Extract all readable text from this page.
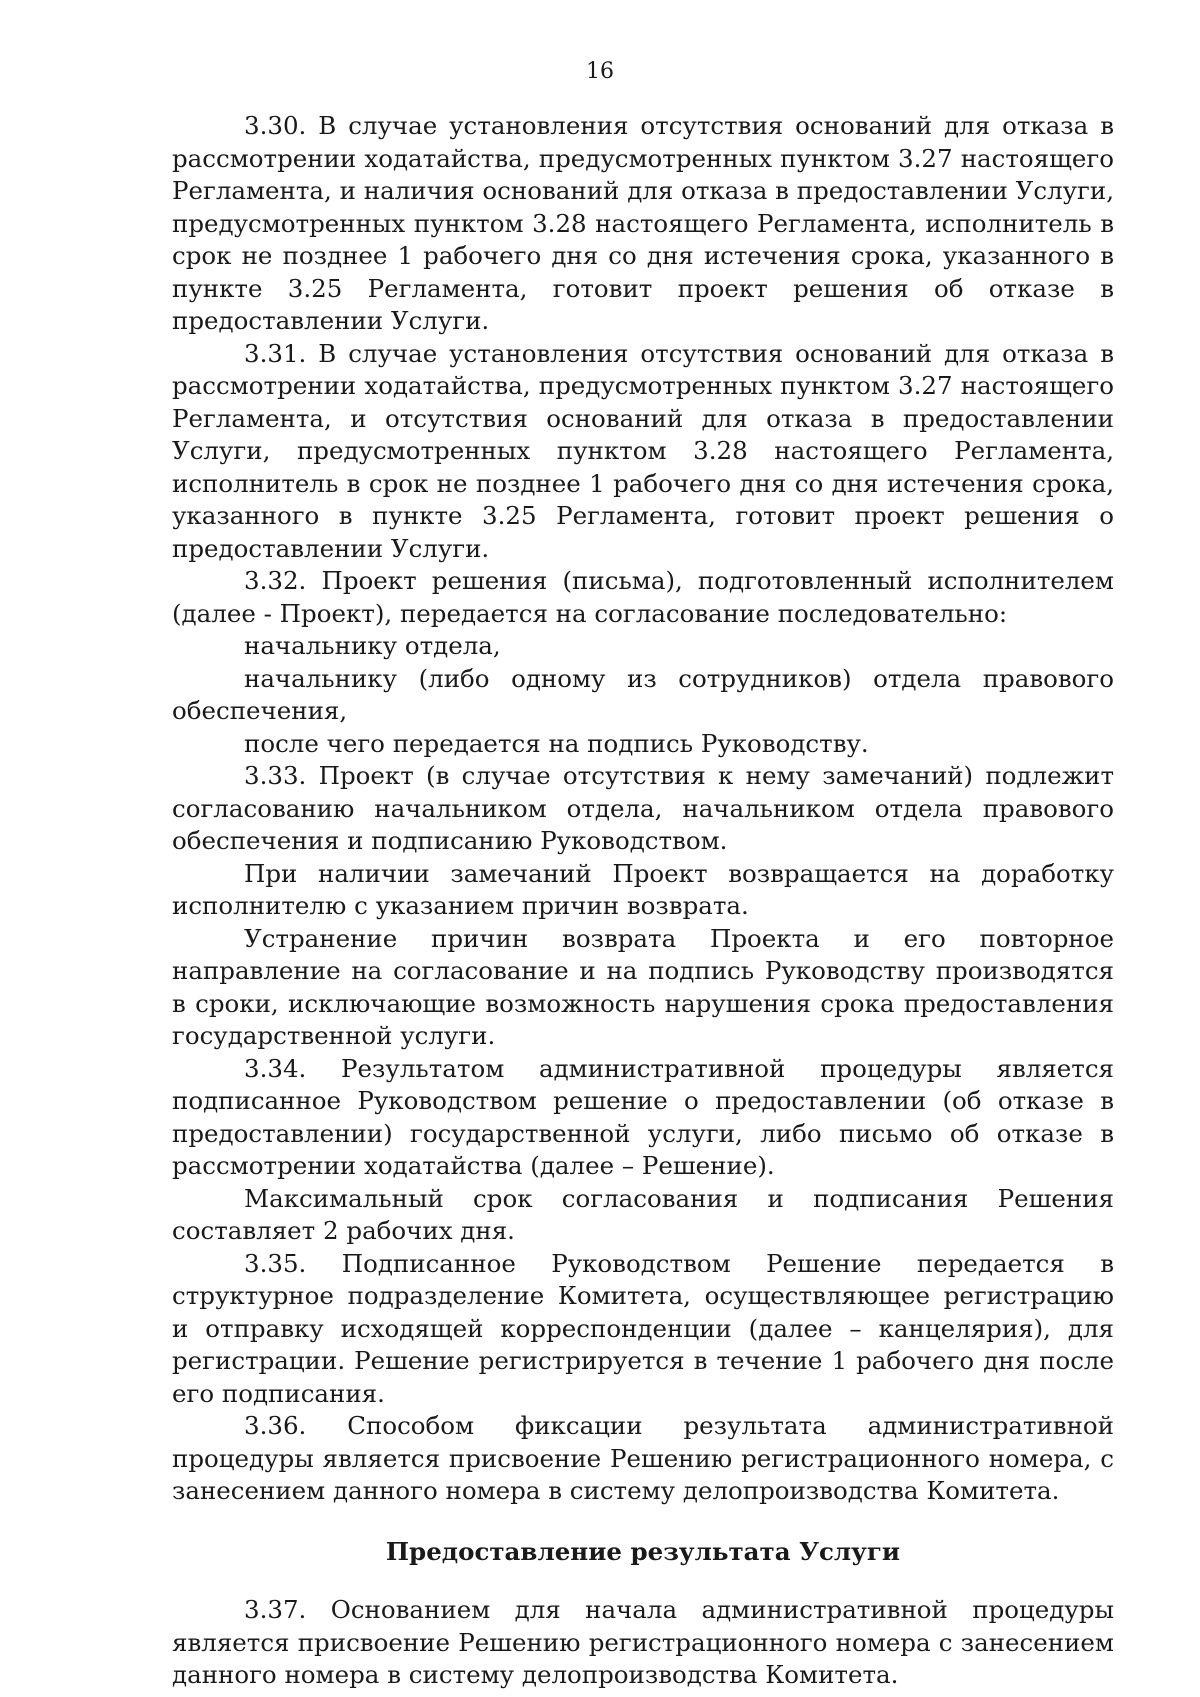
16

3.30. В случае установления отсутствия оснований для отказа в рассмотрении ходатайства, предусмотренных пунктом 3.27 настоящего Регламента, и наличия оснований для отказа в предоставлении Услуги, предусмотренных пунктом 3.28 настоящего Регламента, исполнитель в срок не позднее 1 рабочего дня со дня истечения срока, указанного в пункте 3.25 Регламента, готовит проект решения об отказе в предоставлении Услуги.

3.31. В случае установления отсутствия оснований для отказа в рассмотрении ходатайства, предусмотренных пунктом 3.27 настоящего Регламента, и отсутствия оснований для отказа в предоставлении Услуги, предусмотренных пунктом 3.28 настоящего Регламента, исполнитель в срок не позднее 1 рабочего дня со дня истечения срока, указанного в пункте 3.25 Регламента, готовит проект решения о предоставлении Услуги.

3.32. Проект решения (письма), подготовленный исполнителем (далее - Проект), передается на согласование последовательно:

начальнику отдела,

начальнику (либо одному из сотрудников) отдела правового обеспечения,

после чего передается на подпись Руководству.

3.33. Проект (в случае отсутствия к нему замечаний) подлежит согласованию начальником отдела, начальником отдела правового обеспечения и подписанию Руководством.

При наличии замечаний Проект возвращается на доработку исполнителю с указанием причин возврата.

Устранение причин возврата Проекта и его повторное направление на согласование и на подпись Руководству производятся в сроки, исключающие возможность нарушения срока предоставления государственной услуги.

3.34. Результатом административной процедуры является подписанное Руководством решение о предоставлении (об отказе в предоставлении) государственной услуги, либо письмо об отказе в рассмотрении ходатайства (далее – Решение).

Максимальный срок согласования и подписания Решения составляет 2 рабочих дня.

3.35. Подписанное Руководством Решение передается в структурное подразделение Комитета, осуществляющее регистрацию и отправку исходящей корреспонденции (далее – канцелярия), для регистрации. Решение регистрируется в течение 1 рабочего дня после его подписания.

3.36. Способом фиксации результата административной процедуры является присвоение Решению регистрационного номера, с занесением данного номера в систему делопроизводства Комитета.

Предоставление результата Услуги

3.37. Основанием для начала административной процедуры является присвоение Решению регистрационного номера с занесением данного номера в систему делопроизводства Комитета.
